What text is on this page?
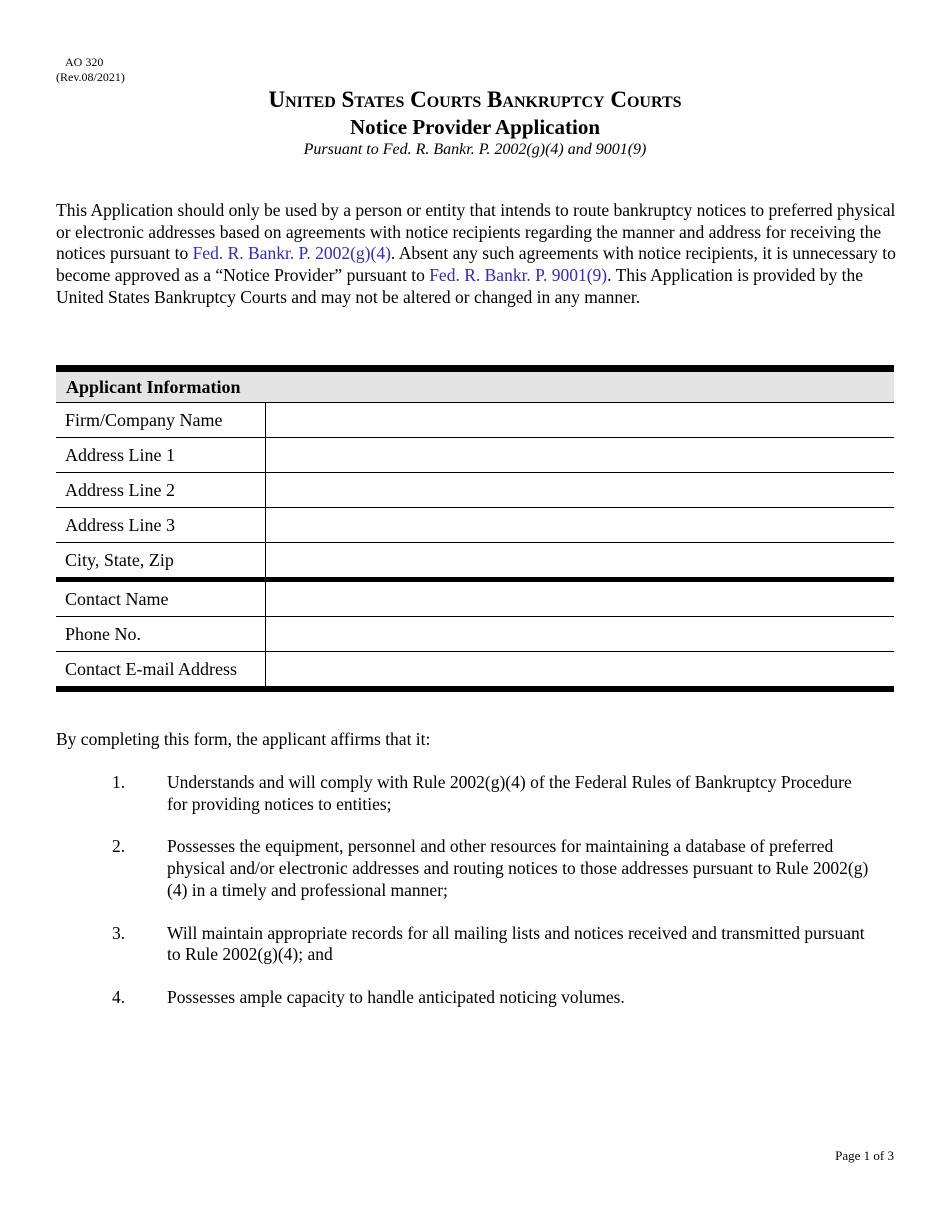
AO 320
(Rev.08/2021)
United States Courts Bankruptcy Courts
Notice Provider Application
Pursuant to Fed. R. Bankr. P. 2002(g)(4) and 9001(9)
This Application should only be used by a person or entity that intends to route bankruptcy notices to preferred physical or electronic addresses based on agreements with notice recipients regarding the manner and address for receiving the notices pursuant to Fed. R. Bankr. P. 2002(g)(4). Absent any such agreements with notice recipients, it is unnecessary to become approved as a “Notice Provider” pursuant to Fed. R. Bankr. P. 9001(9). This Application is provided by the United States Bankruptcy Courts and may not be altered or changed in any manner.
Applicant Information	
Firm/Company Name	
Address Line 1	
Address Line 2	
Address Line 3	
City, State, Zip	
Contact Name	
Phone No.	
Contact E-mail Address	
By completing this form, the applicant affirms that it:
1. Understands and will comply with Rule 2002(g)(4) of the Federal Rules of Bankruptcy Procedure for providing notices to entities;
2. Possesses the equipment, personnel and other resources for maintaining a database of preferred physical and/or electronic addresses and routing notices to those addresses pursuant to Rule 2002(g)(4) in a timely and professional manner;
3. Will maintain appropriate records for all mailing lists and notices received and transmitted pursuant to Rule 2002(g)(4); and
4. Possesses ample capacity to handle anticipated noticing volumes.
Page 1 of 3
